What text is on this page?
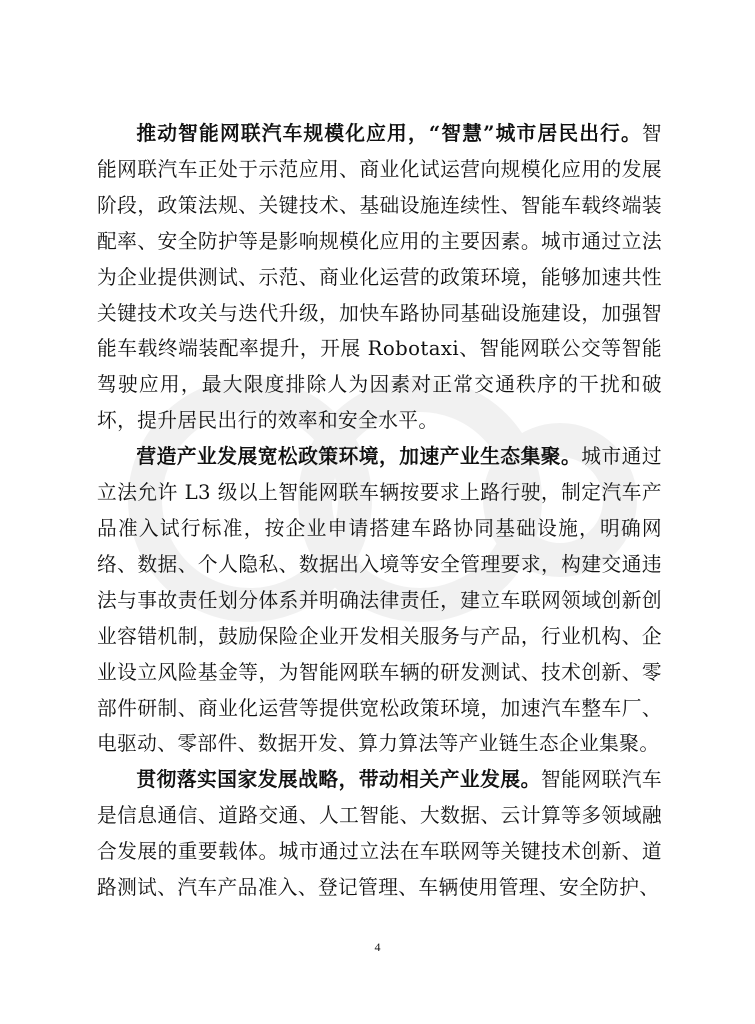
推动智能网联汽车规模化应用，“智慧”城市居民出行。智能网联汽车正处于示范应用、商业化试运营向规模化应用的发展阶段，政策法规、关键技术、基础设施连续性、智能车载终端装配率、安全防护等是影响规模化应用的主要因素。城市通过立法为企业提供测试、示范、商业化运营的政策环境，能够加速共性关键技术攻关与迭代升级，加快车路协同基础设施建设，加强智能车载终端装配率提升，开展 Robotaxi、智能网联公交等智能驾驶应用，最大限度排除人为因素对正常交通秩序的干扰和破坏，提升居民出行的效率和安全水平。

营造产业发展宽松政策环境，加速产业生态集聚。城市通过立法允许 L3 级以上智能网联车辆按要求上路行驶，制定汽车产品准入试行标准，按企业申请搭建车路协同基础设施，明确网络、数据、个人隐私、数据出入境等安全管理要求，构建交通违法与事故责任划分体系并明确法律责任，建立车联网领域创新创业容错机制，鼓励保险企业开发相关服务与产品，行业机构、企业设立风险基金等，为智能网联车辆的研发测试、技术创新、零部件研制、商业化运营等提供宽松政策环境，加速汽车整车厂、电驱动、零部件、数据开发、算力算法等产业链生态企业集聚。

贯彻落实国家发展战略，带动相关产业发展。智能网联汽车是信息通信、道路交通、人工智能、大数据、云计算等多领域融合发展的重要载体。城市通过立法在车联网等关键技术创新、道路测试、汽车产品准入、登记管理、车辆使用管理、安全防护、

4
